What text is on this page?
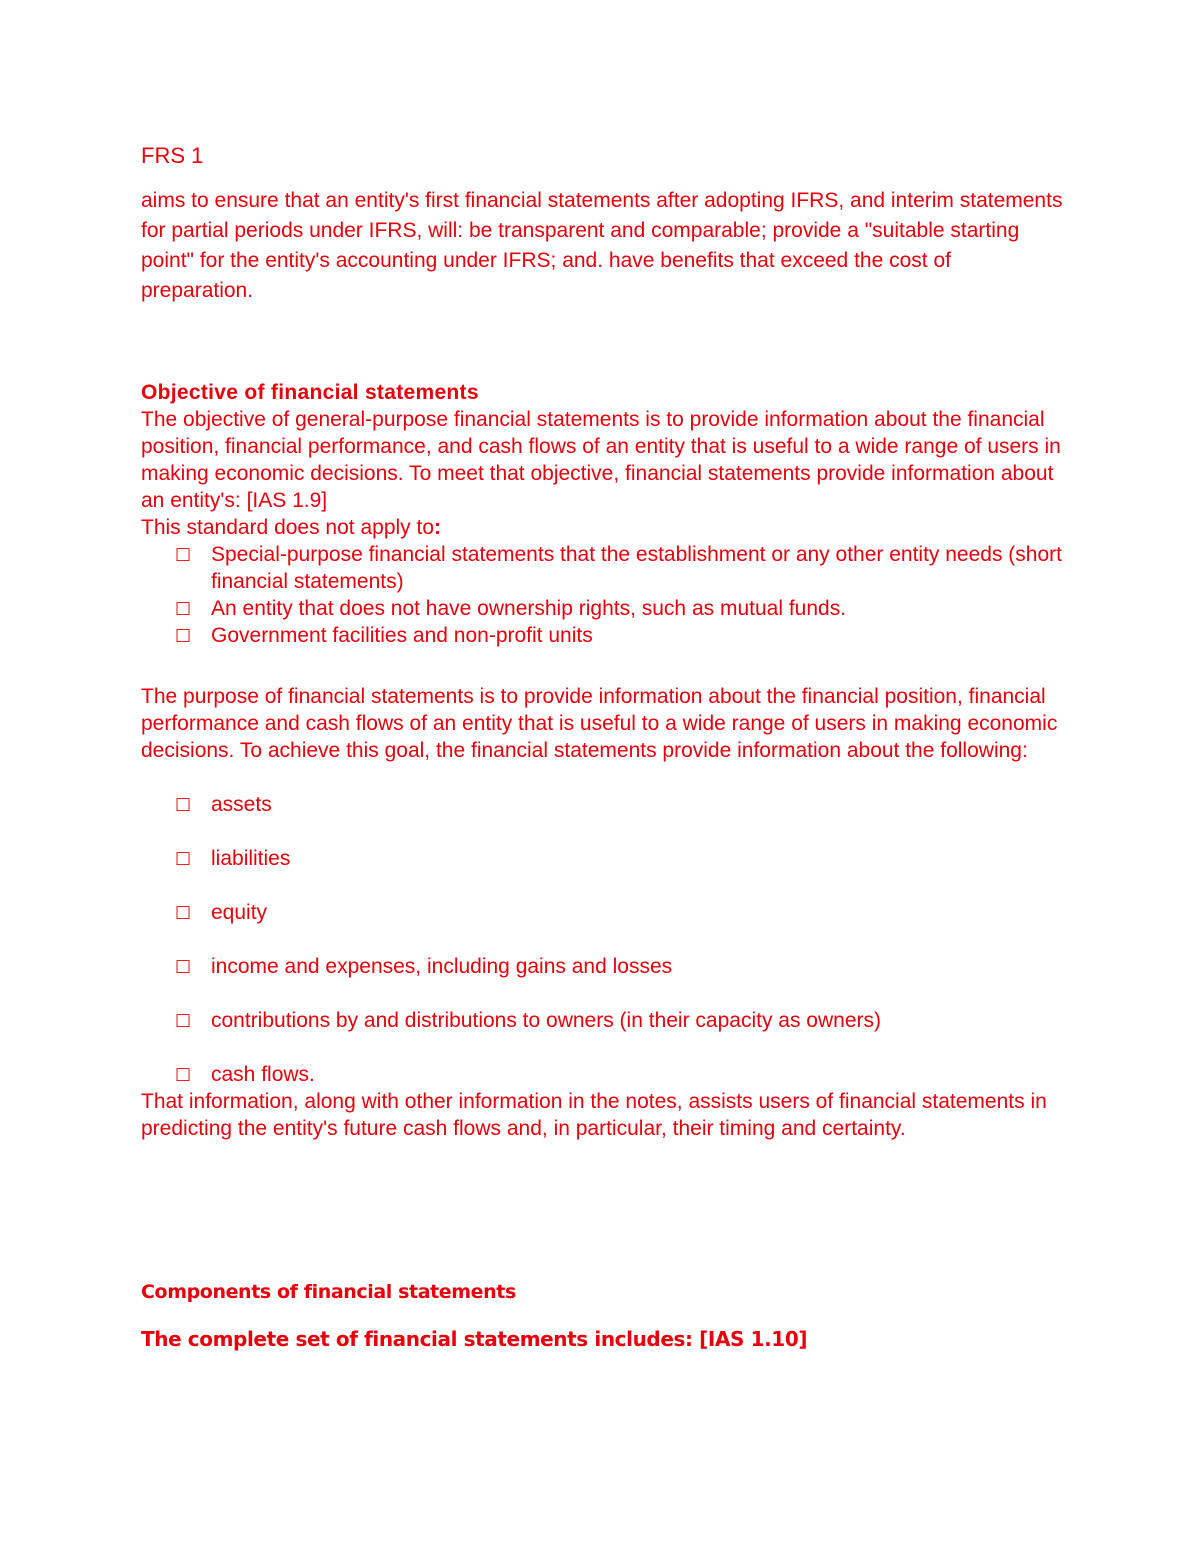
FRS 1
aims to ensure that an entity's first financial statements after adopting IFRS, and interim statements for partial periods under IFRS, will: be transparent and comparable; provide a "suitable starting point" for the entity's accounting under IFRS; and. have benefits that exceed the cost of preparation.
Objective of financial statements
The objective of general-purpose financial statements is to provide information about the financial position, financial performance, and cash flows of an entity that is useful to a wide range of users in making economic decisions. To meet that objective, financial statements provide information about an entity's: [IAS 1.9]
This standard does not apply to:
□ Special-purpose financial statements that the establishment or any other entity needs (short financial statements)
□ An entity that does not have ownership rights, such as mutual funds.
□ Government facilities and non-profit units
The purpose of financial statements is to provide information about the financial position, financial performance and cash flows of an entity that is useful to a wide range of users in making economic decisions. To achieve this goal, the financial statements provide information about the following:
□ assets
□ liabilities
□ equity
□ income and expenses, including gains and losses
□ contributions by and distributions to owners (in their capacity as owners)
□ cash flows.
That information, along with other information in the notes, assists users of financial statements in predicting the entity's future cash flows and, in particular, their timing and certainty.
Components of financial statements
The complete set of financial statements includes: [IAS 1.10]
